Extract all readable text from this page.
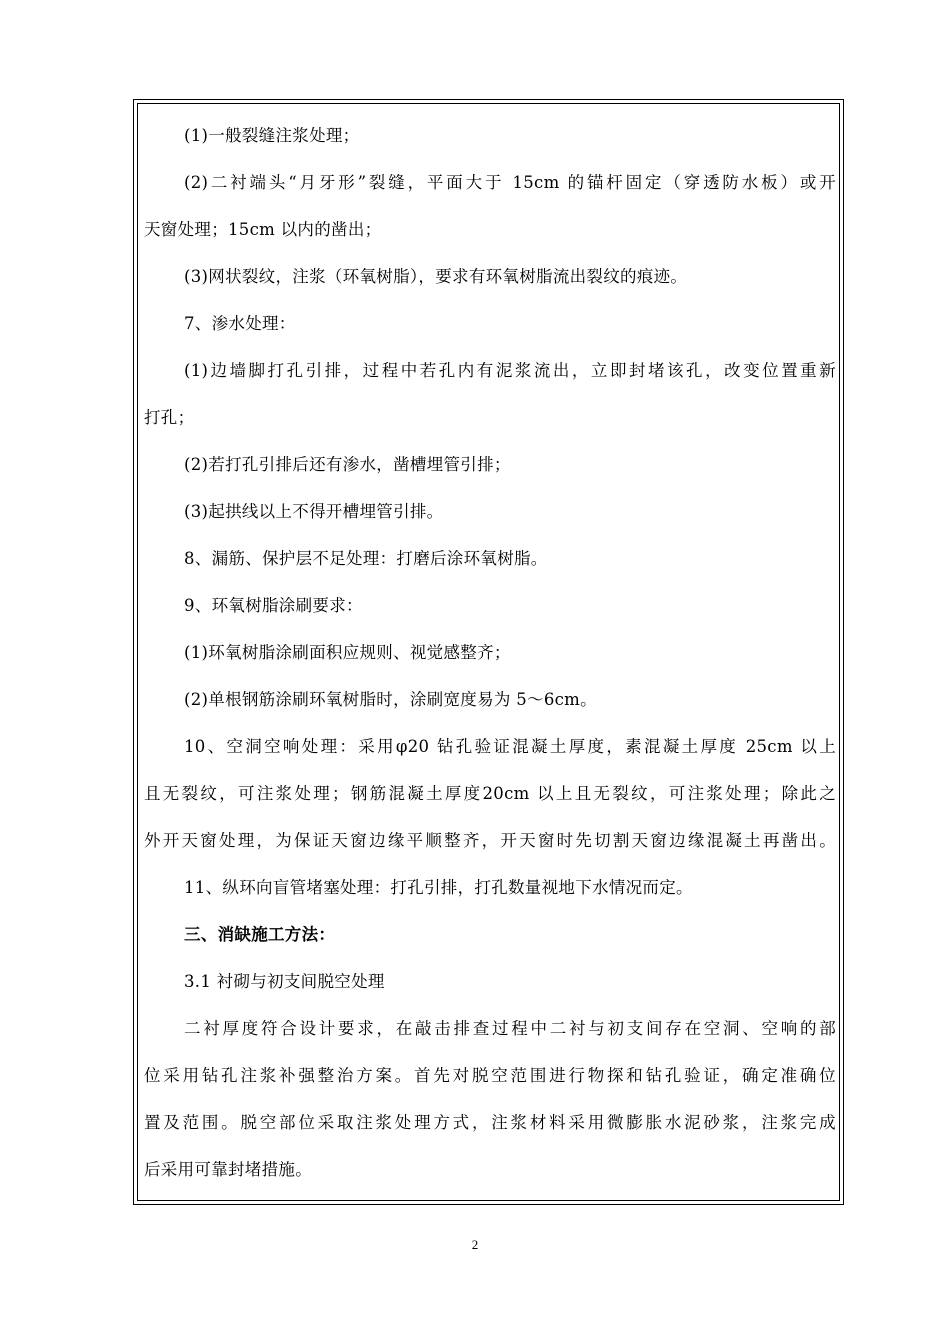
(1)一般裂缝注浆处理；
(2)二衬端头“月牙形”裂缝，平面大于 15cm 的锚杆固定（穿透防水板）或开
天窗处理；15cm 以内的凿出；
(3)网状裂纹，注浆（环氧树脂），要求有环氧树脂流出裂纹的痕迹。
7、渗水处理：
(1)边墙脚打孔引排，过程中若孔内有泥浆流出，立即封堵该孔，改变位置重新
打孔；
(2)若打孔引排后还有渗水，凿槽埋管引排；
(3)起拱线以上不得开槽埋管引排。
8、漏筋、保护层不足处理：打磨后涂环氧树脂。
9、环氧树脂涂刷要求：
(1)环氧树脂涂刷面积应规则、视觉感整齐；
(2)单根钢筋涂刷环氧树脂时，涂刷宽度易为 5～6cm。
10、空洞空响处理：采用φ20 钻孔验证混凝土厚度，素混凝土厚度 25cm 以上
且无裂纹，可注浆处理；钢筋混凝土厚度20cm 以上且无裂纹，可注浆处理；除此之
外开天窗处理，为保证天窗边缘平顺整齐，开天窗时先切割天窗边缘混凝土再凿出。
11、纵环向盲管堵塞处理：打孔引排，打孔数量视地下水情况而定。
三、消缺施工方法：
3.1 衬砌与初支间脱空处理
二衬厚度符合设计要求，在敲击排查过程中二衬与初支间存在空洞、空响的部
位采用钻孔注浆补强整治方案。首先对脱空范围进行物探和钻孔验证，确定准确位
置及范围。脱空部位采取注浆处理方式，注浆材料采用微膨胀水泥砂浆，注浆完成
后采用可靠封堵措施。
2
